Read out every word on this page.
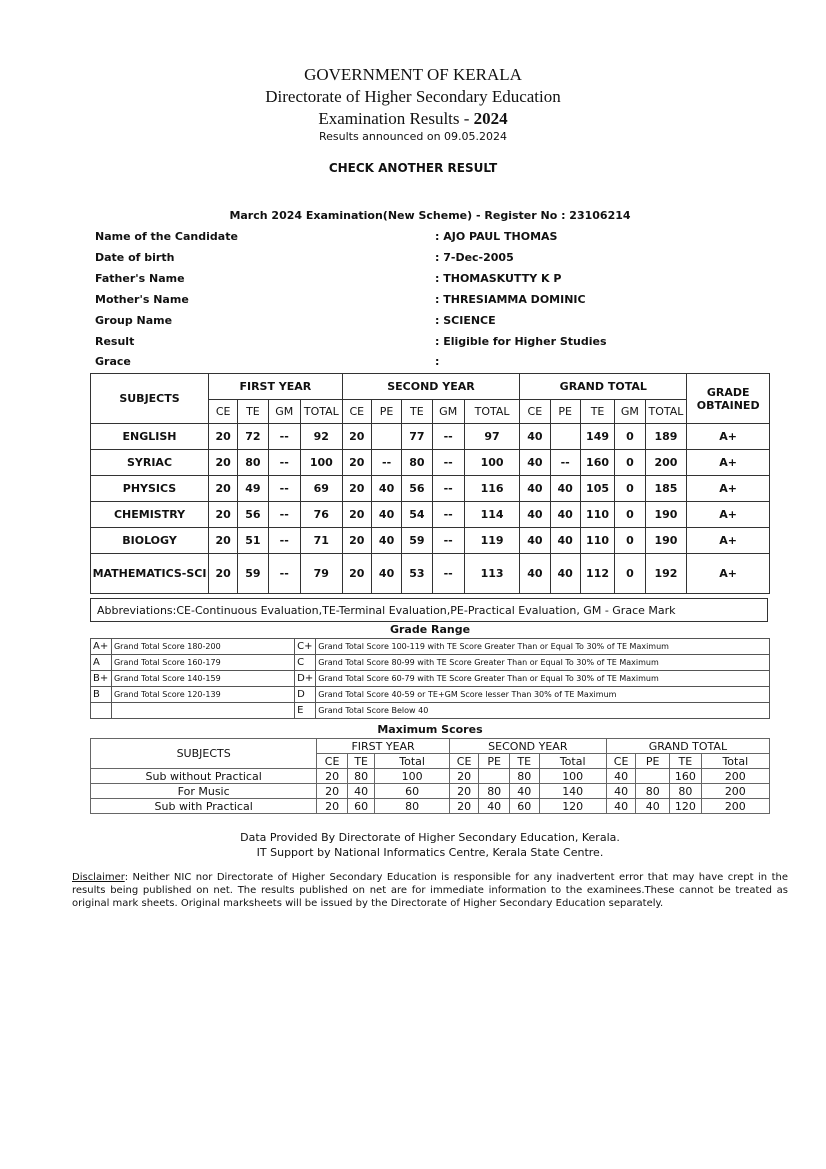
GOVERNMENT OF KERALA
Directorate of Higher Secondary Education
Examination Results - 2024
Results announced on 09.05.2024
CHECK ANOTHER RESULT
March 2024 Examination(New Scheme) - Register No : 23106214
Name of the Candidate	: AJO PAUL THOMAS
Date of birth	: 7-Dec-2005
Father's Name	: THOMASKUTTY K P
Mother's Name	: THRESIAMMA DOMINIC
Group Name	: SCIENCE
Result	: Eligible for Higher Studies
Grace	:
SUBJECTS	FIRST YEAR				SECOND YEAR					GRAND TOTAL					GRADE OBTAINED
	CE	TE	GM	TOTAL	CE	PE	TE	GM	TOTAL	CE	PE	TE	GM	TOTAL	
ENGLISH	20	72	--	92	20		77	--	97	40		149	0	189	A+
SYRIAC	20	80	--	100	20	--	80	--	100	40	--	160	0	200	A+
PHYSICS	20	49	--	69	20	40	56	--	116	40	40	105	0	185	A+
CHEMISTRY	20	56	--	76	20	40	54	--	114	40	40	110	0	190	A+
BIOLOGY	20	51	--	71	20	40	59	--	119	40	40	110	0	190	A+
MATHEMATICS-SCI	20	59	--	79	20	40	53	--	113	40	40	112	0	192	A+
Abbreviations:CE-Continuous Evaluation,TE-Terminal Evaluation,PE-Practical Evaluation, GM - Grace Mark
Grade Range
A+	Grand Total Score 180-200	C+	Grand Total Score 100-119 with TE Score Greater Than or Equal To 30% of TE Maximum
A	Grand Total Score 160-179	C	Grand Total Score 80-99 with TE Score Greater Than or Equal To 30% of TE Maximum
B+	Grand Total Score 140-159	D+	Grand Total Score 60-79 with TE Score Greater Than or Equal To 30% of TE Maximum
B	Grand Total Score 120-139	D	Grand Total Score 40-59 or TE+GM Score lesser Than 30% of TE Maximum
		E	Grand Total Score Below 40
Maximum Scores
SUBJECTS	FIRST YEAR			SECOND YEAR				GRAND TOTAL			
	CE	TE	Total	CE	PE	TE	Total	CE	PE	TE	Total
Sub without Practical	20	80	100	20		80	100	40		160	200
For Music	20	40	60	20	80	40	140	40	80	80	200
Sub with Practical	20	60	80	20	40	60	120	40	40	120	200
Data Provided By Directorate of Higher Secondary Education, Kerala.
IT Support by National Informatics Centre, Kerala State Centre.
Disclaimer: Neither NIC nor Directorate of Higher Secondary Education is responsible for any inadvertent error that may have crept in the results being published on net. The results published on net are for immediate information to the examinees.These cannot be treated as original mark sheets. Original marksheets will be issued by the Directorate of Higher Secondary Education separately.
